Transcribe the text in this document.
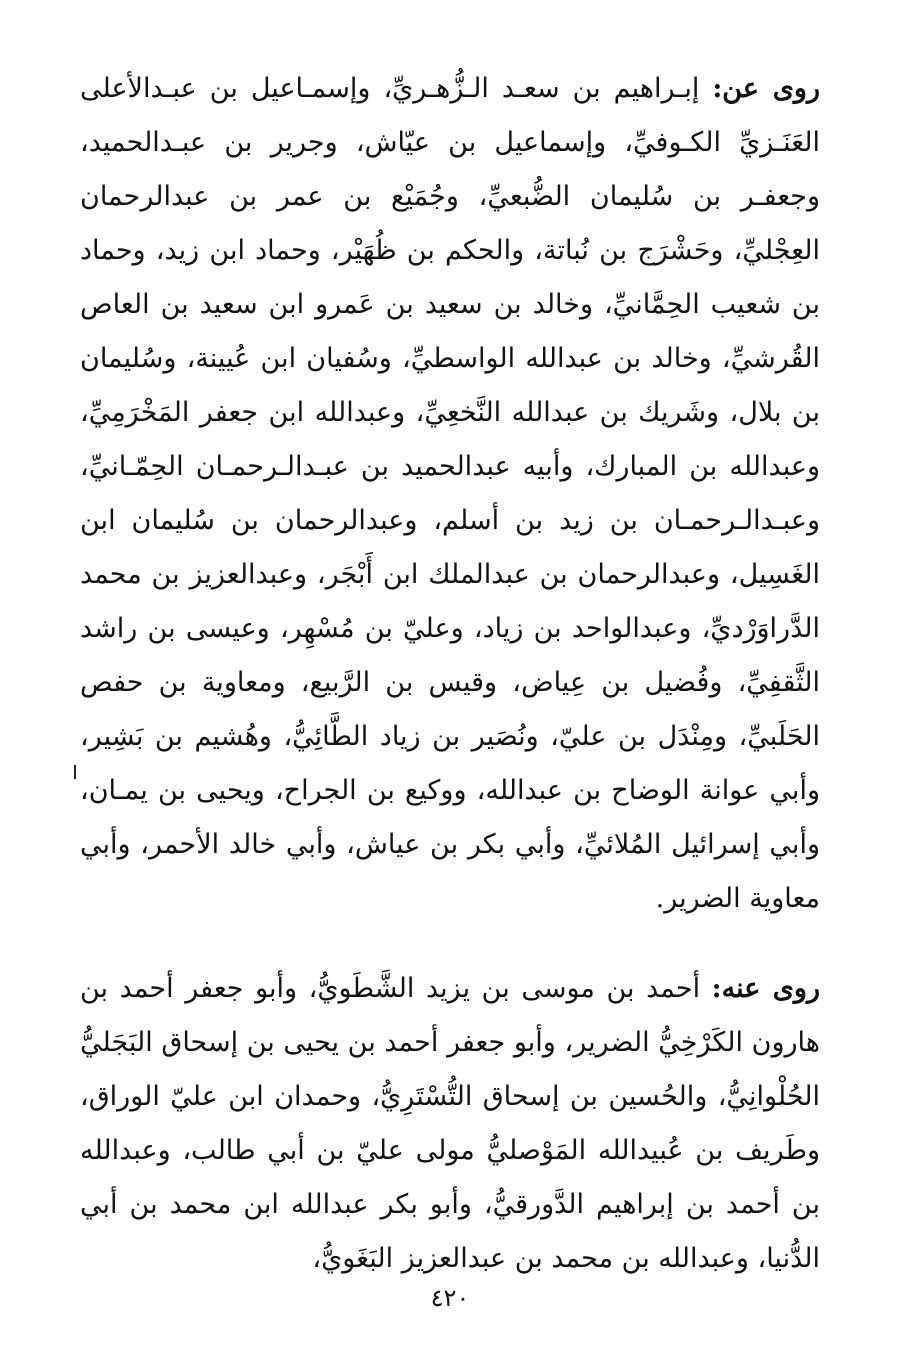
روى عن: إبـراهيم بن سعـد الـزُّهـريِّ، وإسمـاعيل بن عبـدالأعلى العَنَـزيِّ الكـوفيِّ، وإسماعيل بن عيّاش، وجرير بن عبـدالحميد، وجعفـر بن سُليمان الضُّبعيِّ، وجُمَيْع بن عمر بن عبدالرحمان العِجْليِّ، وحَشْرَج بن نُباتة، والحكم بن ظُهَيْر، وحماد ابن زيد، وحماد بن شعيب الحِمَّانيِّ، وخالد بن سعيد بن عَمرو ابن سعيد بن العاص القُرشيِّ، وخالد بن عبدالله الواسطيِّ، وسُفيان ابن عُيينة، وسُليمان بن بلال، وشَريك بن عبدالله النَّخعِيِّ، وعبدالله ابن جعفر المَخْرَمِيِّ، وعبدالله بن المبارك، وأبيه عبدالحميد بن عبـدالـرحمـان الحِمّـانيِّ، وعبـدالـرحمـان بن زيد بن أسلم، وعبدالرحمان بن سُليمان ابن الغَسِيل، وعبدالرحمان بن عبدالملك ابن أَبْجَر، وعبدالعزيز بن محمد الدَّراوَرْديِّ، وعبدالواحد بن زياد، وعليّ بن مُسْهِر، وعيسى بن راشد الثَّقفِيِّ، وفُضيل بن عِياض، وقيس بن الرَّبيع، ومعاوية بن حفص الحَلَبيِّ، ومِنْدَل بن عليّ، ونُصَير بن زياد الطَّائِيُّ، وهُشيم بن بَشِير، وأبي عوانة الوضاح بن عبدالله، ووكيع بن الجراح، ويحيى بن يمـان، وأبي إسرائيل المُلائيِّ، وأبي بكر بن عياش، وأبي خالد الأحمر، وأبي معاوية الضرير.

روى عنه: أحمد بن موسى بن يزيد الشَّطَويُّ، وأبو جعفر أحمد بن هارون الكَرْخِيُّ الضرير، وأبو جعفر أحمد بن يحيى بن إسحاق البَجَليُّ الحُلْوانِيُّ، والحُسين بن إسحاق التُّسْتَرِيُّ، وحمدان ابن عليّ الوراق، وطَريف بن عُبيدالله المَوْصليُّ مولى عليّ بن أبي طالب، وعبدالله بن أحمد بن إبراهيم الدَّورقيُّ، وأبو بكر عبدالله ابن محمد بن أبي الدُّنيا، وعبدالله بن محمد بن عبدالعزيز البَغَويُّ،

٤٢٠
